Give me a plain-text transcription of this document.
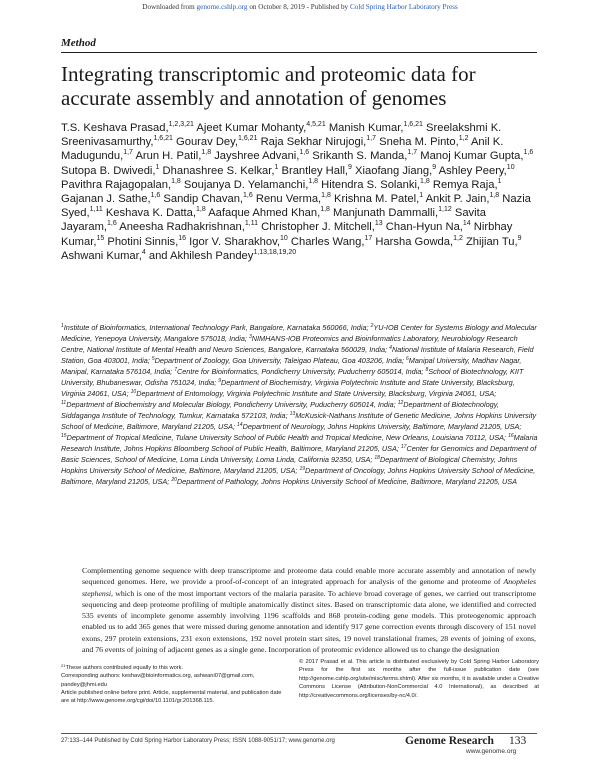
Downloaded from genome.cshlp.org on October 8, 2019 - Published by Cold Spring Harbor Laboratory Press
Method
Integrating transcriptomic and proteomic data for accurate assembly and annotation of genomes
T.S. Keshava Prasad,$^{1,2,3,21}$ Ajeet Kumar Mohanty,$^{4,5,21}$ Manish Kumar,$^{1,6,21}$ Sreelakshmi K. Sreenivasamurthy,$^{1,6,21}$ Gourav Dey,$^{1,6,21}$ Raja Sekhar Nirujogi,$^{1,7}$ Sneha M. Pinto,$^{1,2}$ Anil K. Madugundu,$^{1,7}$ Arun H. Patil,$^{1,8}$ Jayshree Advani,$^{1,6}$ Srikanth S. Manda,$^{1,7}$ Manoj Kumar Gupta,$^{1,6}$ Sutopa B. Dwivedi,$^1$ Dhanashree S. Kelkar,$^1$ Brantley Hall,$^9$ Xiaofang Jiang,$^9$ Ashley Peery,$^{10}$ Pavithra Rajagopalan,$^{1,8}$ Soujanya D. Yelamanchi,$^{1,8}$ Hitendra S. Solanki,$^{1,8}$ Remya Raja,$^1$ Gajanan J. Sathe,$^{1,6}$ Sandip Chavan,$^{1,6}$ Renu Verma,$^{1,8}$ Krishna M. Patel,$^1$ Ankit P. Jain,$^{1,8}$ Nazia Syed,$^{1,11}$ Keshava K. Datta,$^{1,8}$ Aafaque Ahmed Khan,$^{1,8}$ Manjunath Dammalli,$^{1,12}$ Savita Jayaram,$^{1,6}$ Aneesha Radhakrishnan,$^{1,11}$ Christopher J. Mitchell,$^{13}$ Chan-Hyun Na,$^{14}$ Nirbhay Kumar,$^{15}$ Photini Sinnis,$^{16}$ Igor V. Sharakhov,$^{10}$ Charles Wang,$^{17}$ Harsha Gowda,$^{1,2}$ Zhijian Tu,$^9$ Ashwani Kumar,$^4$ and Akhilesh Pandey$^{1,13,18,19,20}$
$^1$Institute of Bioinformatics, International Technology Park, Bangalore, Karnataka 560066, India; $^2$YU-IOB Center for Systems Biology and Molecular Medicine, Yenepoya University, Mangalore 575018, India; $^3$NIMHANS-IOB Proteomics and Bioinformatics Laboratory, Neurobiology Research Centre, National Institute of Mental Health and Neuro Sciences, Bangalore, Karnataka 560029, India; $^4$National Institute of Malaria Research, Field Station, Goa 403001, India; $^5$Department of Zoology, Goa University, Taleigao Plateau, Goa 403206, India; $^6$Manipal University, Madhav Nagar, Manipal, Karnataka 576104, India; $^7$Centre for Bioinformatics, Pondicherry University, Puducherry 605014, India; $^8$School of Biotechnology, KIIT University, Bhubaneswar, Odisha 751024, India; $^9$Department of Biochemistry, Virginia Polytechnic Institute and State University, Blacksburg, Virginia 24061, USA; $^{10}$Department of Entomology, Virginia Polytechnic Institute and State University, Blacksburg, Virginia 24061, USA; $^{11}$Department of Biochemistry and Molecular Biology, Pondicherry University, Puducherry 605014, India; $^{12}$Department of Biotechnology, Siddaganga Institute of Technology, Tumkur, Karnataka 572103, India; $^{13}$McKusick-Nathans Institute of Genetic Medicine, Johns Hopkins University School of Medicine, Baltimore, Maryland 21205, USA; $^{14}$Department of Neurology, Johns Hopkins University, Baltimore, Maryland 21205, USA; $^{15}$Department of Tropical Medicine, Tulane University School of Public Health and Tropical Medicine, New Orleans, Louisiana 70112, USA; $^{16}$Malaria Research Institute, Johns Hopkins Bloomberg School of Public Health, Baltimore, Maryland 21205, USA; $^{17}$Center for Genomics and Department of Basic Sciences, School of Medicine, Loma Linda University, Loma Linda, California 92350, USA; $^{18}$Department of Biological Chemistry, Johns Hopkins University School of Medicine, Baltimore, Maryland 21205, USA; $^{19}$Department of Oncology, Johns Hopkins University School of Medicine, Baltimore, Maryland 21205, USA; $^{20}$Department of Pathology, Johns Hopkins University School of Medicine, Baltimore, Maryland 21205, USA
Complementing genome sequence with deep transcriptome and proteome data could enable more accurate assembly and annotation of newly sequenced genomes. Here, we provide a proof-of-concept of an integrated approach for analysis of the genome and proteome of Anopheles stephensi, which is one of the most important vectors of the malaria parasite. To achieve broad coverage of genes, we carried out transcriptome sequencing and deep proteome profiling of multiple anatomically distinct sites. Based on transcriptomic data alone, we identified and corrected 535 events of incomplete genome assembly involving 1196 scaffolds and 868 protein-coding gene models. This proteogenomic approach enabled us to add 365 genes that were missed during genome annotation and identify 917 gene correction events through discovery of 151 novel exons, 297 protein extensions, 231 exon extensions, 192 novel protein start sites, 19 novel translational frames, 28 events of joining of exons, and 76 events of joining of adjacent genes as a single gene. Incorporation of proteomic evidence allowed us to change the designation
$^{21}$These authors contributed equally to this work.
Corresponding authors: keshav@bioinformatics.org, ashwani07@gmail.com, pandey@jhmi.edu
Article published online before print. Article, supplemental material, and publication date are at http://www.genome.org/cgi/doi/10.1101/gr.201368.115.
© 2017 Prasad et al. This article is distributed exclusively by Cold Spring Harbor Laboratory Press for the first six months after the full-issue publication date (see http://genome.cshlp.org/site/misc/terms.xhtml). After six months, it is available under a Creative Commons License (Attribution-NonCommercial 4.0 International), as described at http://creativecommons.org/licenses/by-nc/4.0/.
27:133–144 Published by Cold Spring Harbor Laboratory Press; ISSN 1088-9051/17; www.genome.org	Genome Research 133
www.genome.org
